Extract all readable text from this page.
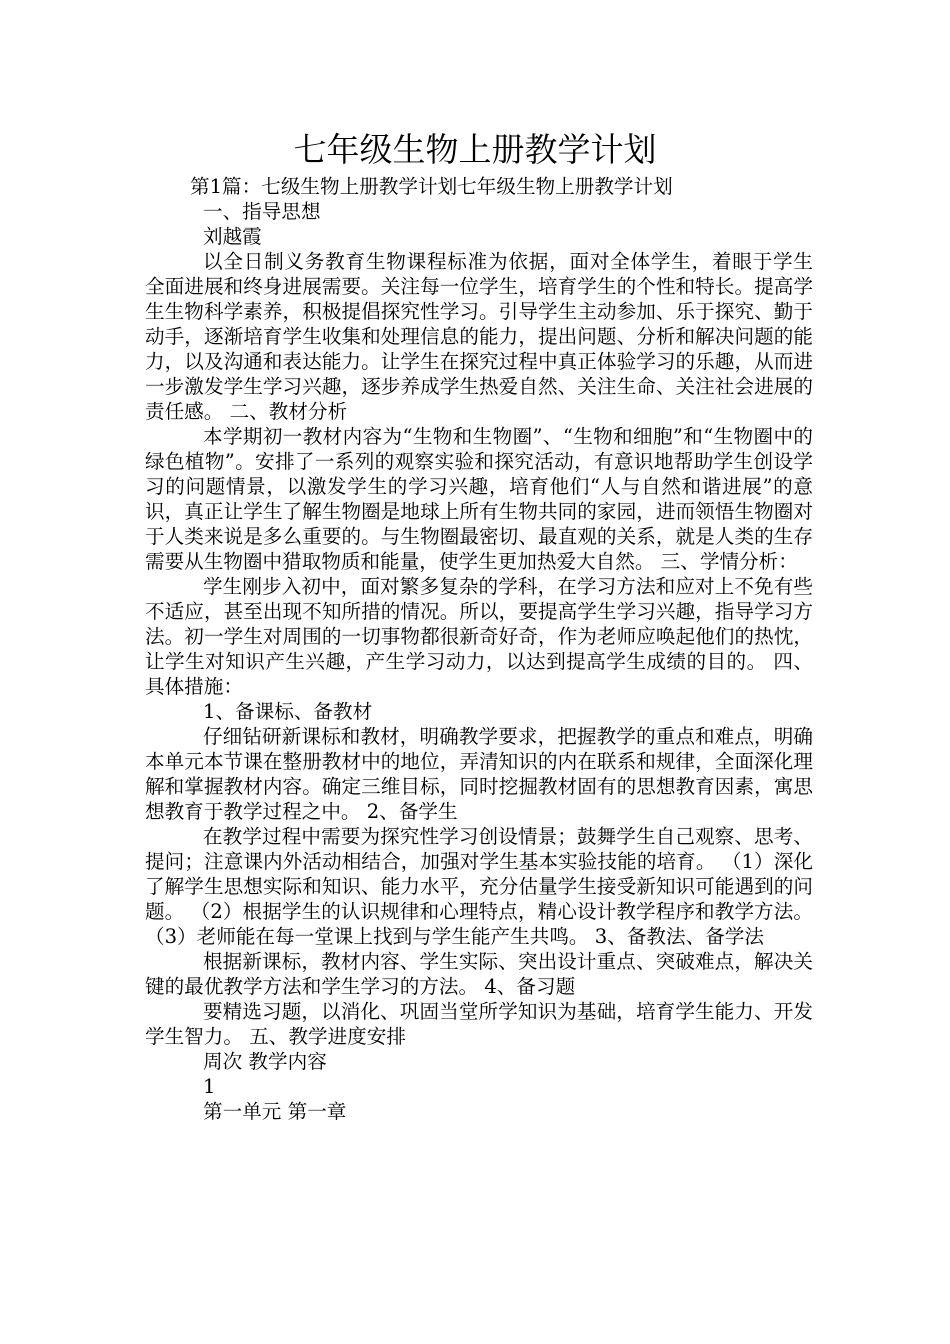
七年级生物上册教学计划

第1篇：七级生物上册教学计划七年级生物上册教学计划

一、指导思想

刘越霞

以全日制义务教育生物课程标准为依据，面对全体学生，着眼于学生 全面进展和终身进展需要。关注每一位学生，培育学生的个性和特长。提高学生生物科学素养，积极提倡探究性学习。引导学生主动参加、乐于探究、勤于动手，逐渐培育学生收集和处理信息的能力，提出问题、分析和解决问题的能力，以及沟通和表达能力。让学生在探究过程中真正体验学习的乐趣，从而进一步激发学生学习兴趣，逐步养成学生热爱自然、关注生命、关注社会进展的责任感。 二、教材分析

本学期初一教材内容为“生物和生物圈”、“生物和细胞”和“生物圈中的绿色植物”。安排了一系列的观察实验和探究活动，有意识地帮助学生创设学习的问题情景，以激发学生的学习兴趣，培育他们“人与自然和谐进展”的意识，真正让学生了解生物圈是地球上所有生物共同的家园，进而领悟生物圈对于人类来说是多么重要的。与生物圈最密切、最直观的关系，就是人类的生存需要从生物圈中猎取物质和能量，使学生更加热爱大自然。 三、学情分析：

学生刚步入初中，面对繁多复杂的学科，在学习方法和应对上不免有些不适应，甚至出现不知所措的情况。所以，要提高学生学习兴趣，指导学习方法。初一学生对周围的一切事物都很新奇好奇，作为老师应唤起他们的热忱，让学生对知识产生兴趣，产生学习动力，以达到提高学生成绩的目的。 四、具体措施：

1、备课标、备教材

仔细钻研新课标和教材，明确教学要求，把握教学的重点和难点，明确本单元本节课在整册教材中的地位，弄清知识的内在联系和规律，全面深化理解和掌握教材内容。确定三维目标，同时挖掘教材固有的思想教育因素，寓思想教育于教学过程之中。 2、备学生

在教学过程中需要为探究性学习创设情景；鼓舞学生自己观察、思考、提问；注意课内外活动相结合，加强对学生基本实验技能的培育。 （1）深化了解学生思想实际和知识、能力水平，充分估量学生接受新知识可能遇到的问题。 （2）根据学生的认识规律和心理特点，精心设计教学程序和教学方法。 （3）老师能在每一堂课上找到与学生能产生共鸣。 3、备教法、备学法

根据新课标，教材内容、学生实际、突出设计重点、突破难点，解决关键的最优教学方法和学生学习的方法。 4、备习题

要精选习题，以消化、巩固当堂所学知识为基础，培育学生能力、开发学生智力。 五、教学进度安排

周次 教学内容

1

第一单元 第一章
